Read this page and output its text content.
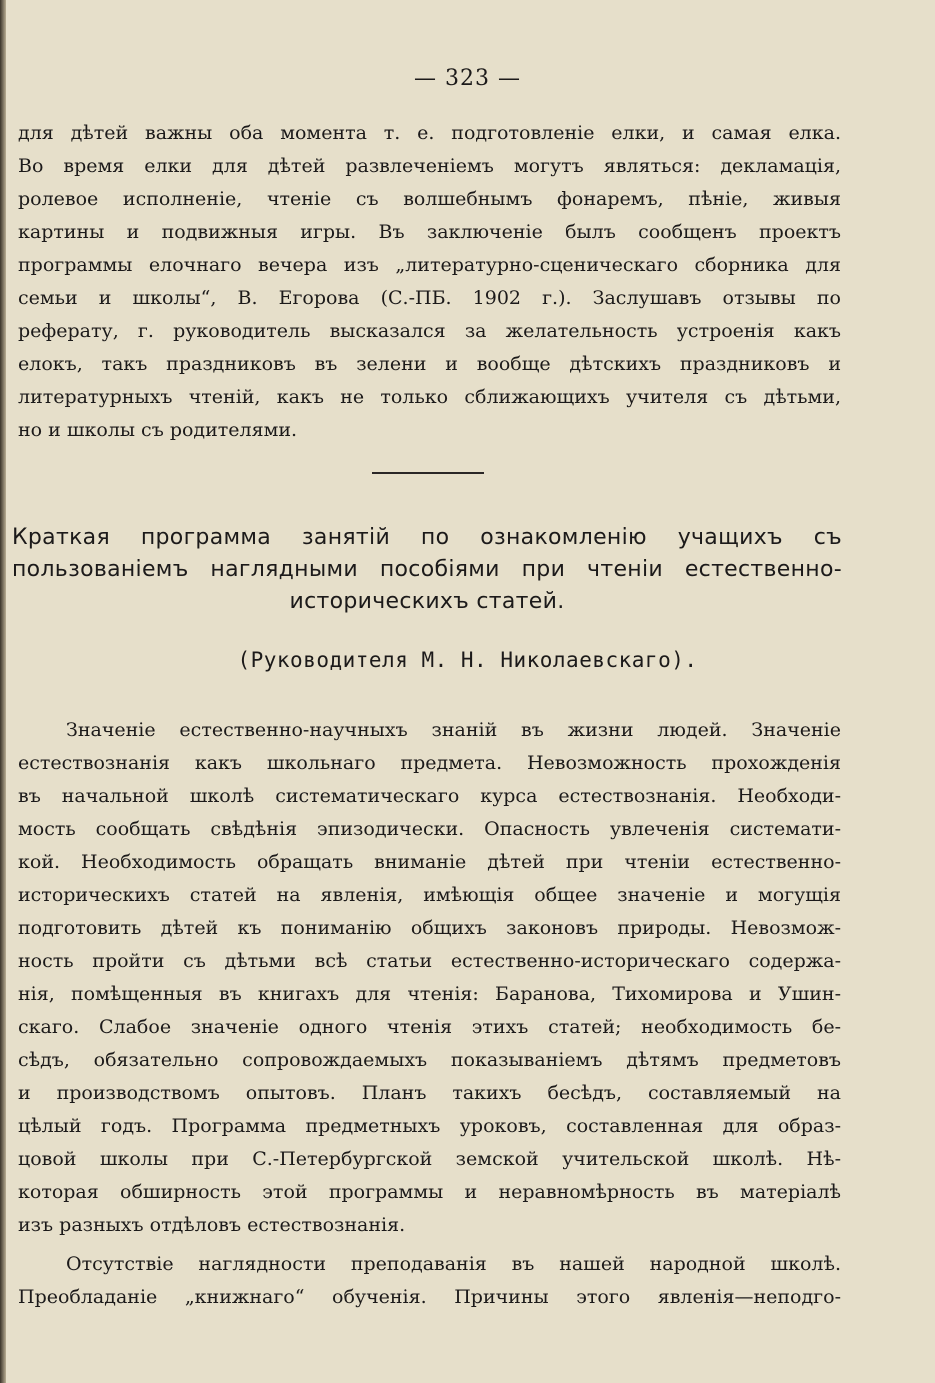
— 323 —
для дѣтей важны оба момента т. е. подготовленіе елки, и самая елка.
Во время елки для дѣтей развлеченіемъ могутъ являться: декламація,
ролевое исполненіе, чтеніе съ волшебнымъ фонаремъ, пѣніе, живыя
картины и подвижныя игры. Въ заключеніе былъ сообщенъ проектъ
программы елочнаго вечера изъ „литературно-сценическаго сборника для
семьи и школы“, В. Егорова (С.-ПБ. 1902 г.). Заслушавъ отзывы по
реферату, г. руководитель высказался за желательность устроенія какъ
елокъ, такъ праздниковъ въ зелени и вообще дѣтскихъ праздниковъ и
литературныхъ чтеній, какъ не только сближающихъ учителя съ дѣтьми,
но и школы съ родителями.
Краткая программа занятій по ознакомленію учащихъ съ
пользованіемъ наглядными пособіями при чтеніи естественно-
историческихъ статей.
(Руководителя М. Н. Николаевскаго).
Значеніе естественно-научныхъ знаній въ жизни людей. Значеніе
естествознанія какъ школьнаго предмета. Невозможность прохожденія
въ начальной школѣ систематическаго курса естествознанія. Необходи-
мость сообщать свѣдѣнія эпизодически. Опасность увлеченія системати-
кой. Необходимость обращать вниманіе дѣтей при чтеніи естественно-
историческихъ статей на явленія, имѣющія общее значеніе и могущія
подготовить дѣтей къ пониманію общихъ законовъ природы. Невозмож-
ность пройти съ дѣтьми всѣ статьи естественно-историческаго содержа-
нія, помѣщенныя въ книгахъ для чтенія: Баранова, Тихомирова и Ушин-
скаго. Слабое значеніе одного чтенія этихъ статей; необходимость бе-
сѣдъ, обязательно сопровождаемыхъ показываніемъ дѣтямъ предметовъ
и производствомъ опытовъ. Планъ такихъ бесѣдъ, составляемый на
цѣлый годъ. Программа предметныхъ уроковъ, составленная для образ-
цовой школы при С.-Петербургской земской учительской школѣ. Нѣ-
которая обширность этой программы и неравномѣрность въ матеріалѣ
изъ разныхъ отдѣловъ естествознанія.
Отсутствіе наглядности преподаванія въ нашей народной школѣ.
Преобладаніе „книжнаго“ обученія. Причины этого явленія—неподго-
